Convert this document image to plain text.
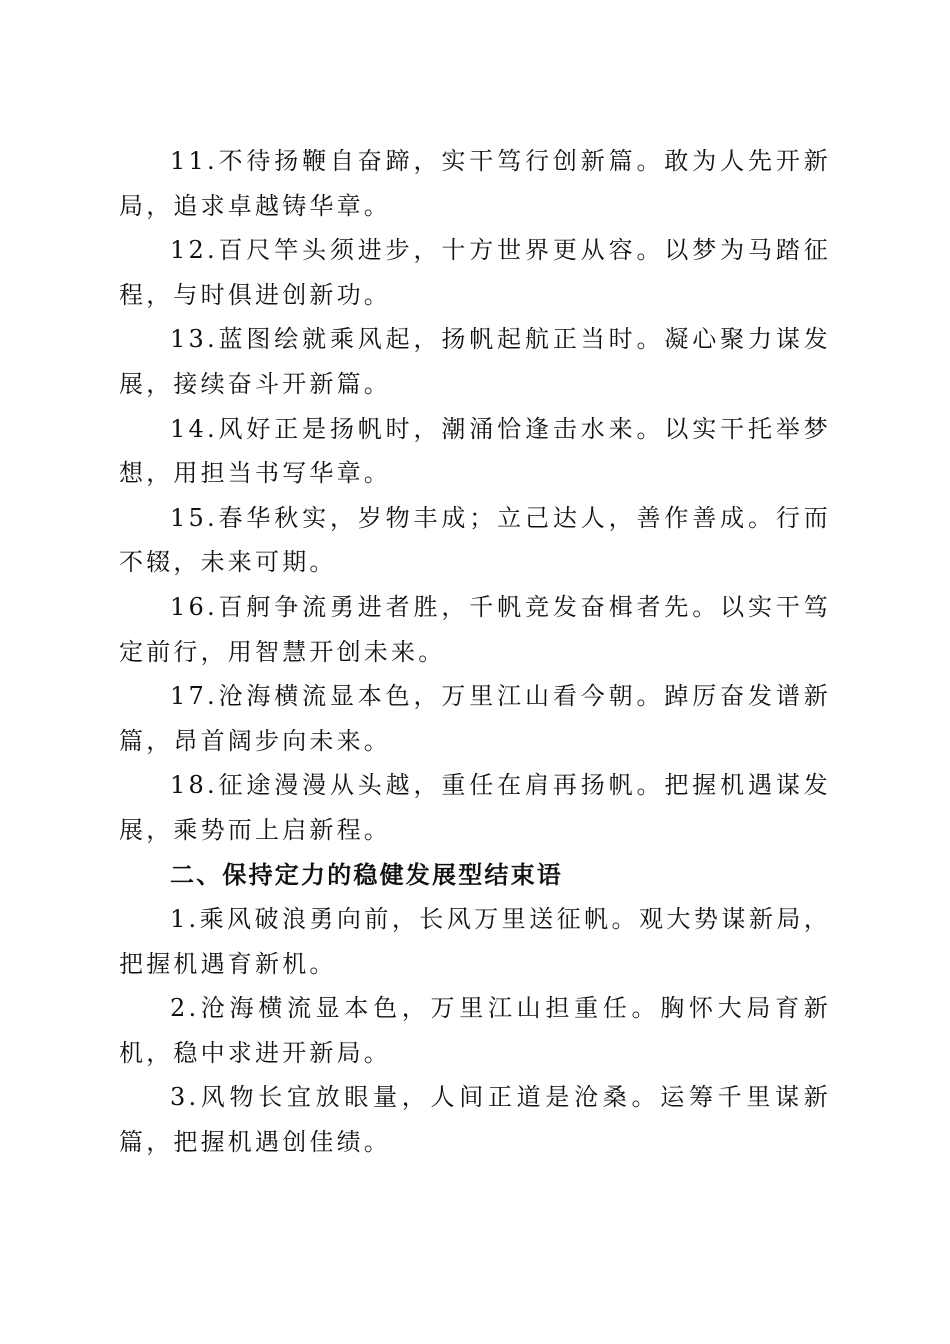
11.不待扬鞭自奋蹄，实干笃行创新篇。敢为人先开新局，追求卓越铸华章。

12.百尺竿头须进步，十方世界更从容。以梦为马踏征程，与时俱进创新功。

13.蓝图绘就乘风起，扬帆起航正当时。凝心聚力谋发展，接续奋斗开新篇。

14.风好正是扬帆时，潮涌恰逢击水来。以实干托举梦想，用担当书写华章。

15.春华秋实，岁物丰成；立己达人，善作善成。行而不辍，未来可期。

16.百舸争流勇进者胜，千帆竞发奋楫者先。以实干笃定前行，用智慧开创未来。

17.沧海横流显本色，万里江山看今朝。踔厉奋发谱新篇，昂首阔步向未来。

18.征途漫漫从头越，重任在肩再扬帆。把握机遇谋发展，乘势而上启新程。

二、保持定力的稳健发展型结束语

1.乘风破浪勇向前，长风万里送征帆。观大势谋新局，把握机遇育新机。

2.沧海横流显本色，万里江山担重任。胸怀大局育新机，稳中求进开新局。

3.风物长宜放眼量，人间正道是沧桑。运筹千里谋新篇，把握机遇创佳绩。
